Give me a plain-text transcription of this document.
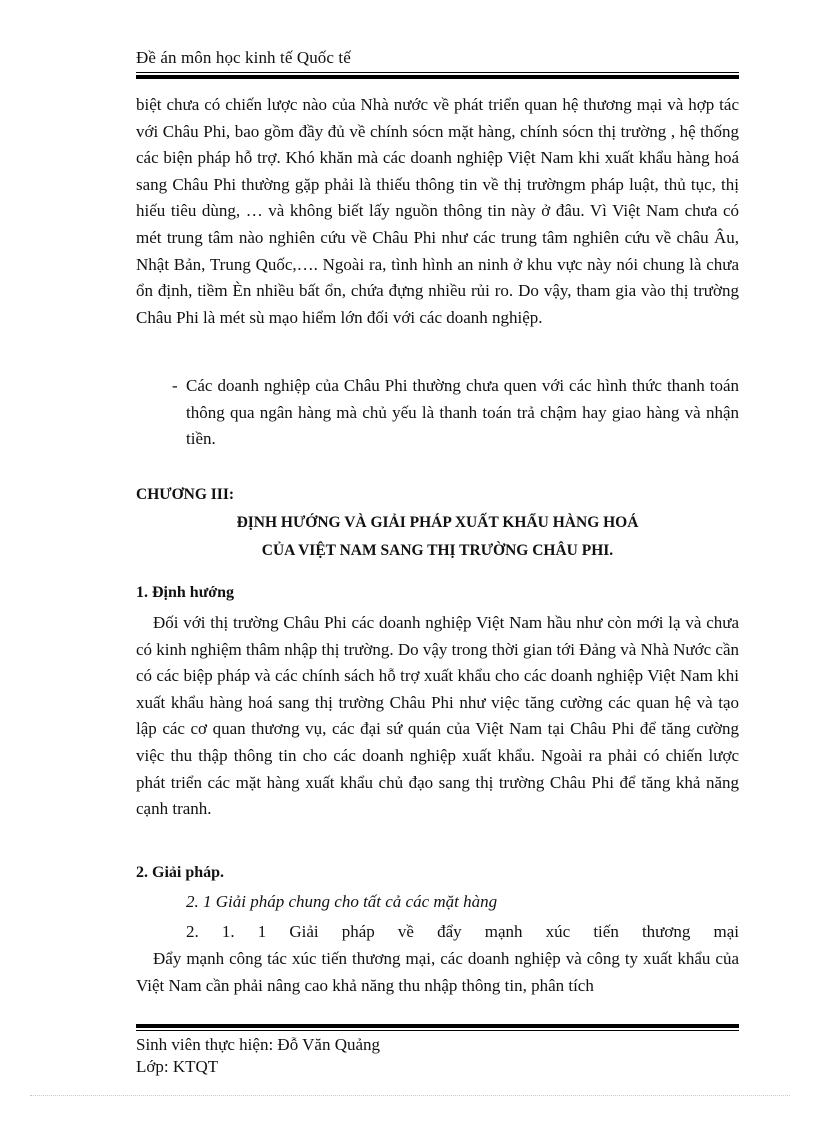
Đề án môn học kinh tế Quốc tế

biệt chưa có chiến lược nào của Nhà nước về phát triển quan hệ thương mại và hợp tác với Châu Phi, bao gồm đầy đủ về chính sócn mặt hàng, chính sócn thị trường , hệ thống các biện pháp hỗ trợ. Khó khăn mà các doanh nghiệp Việt Nam khi xuất khẩu hàng hoá sang Châu Phi thường gặp phải là thiếu thông tin về thị trườngm pháp luật, thủ tục, thị hiếu tiêu dùng, … và không biết lấy nguồn thông tin này ở đâu. Vì Việt Nam chưa có mét trung tâm nào nghiên cứu về Châu Phi như các trung tâm nghiên cứu về châu Âu, Nhật Bản, Trung Quốc,…. Ngoài ra, tình hình an ninh ở khu vực này nói chung là chưa ổn định, tiềm Èn nhiều bất ổn, chứa đựng nhiều rủi ro. Do vậy, tham gia vào thị trường Châu Phi là mét sù mạo hiểm lớn đối với các doanh nghiệp.

- Các doanh nghiệp của Châu Phi thường chưa quen với các hình thức thanh toán thông qua ngân hàng mà chủ yếu là thanh toán trả chậm hay giao hàng và nhận tiền.
CHƯƠNG III:
ĐỊNH HƯỚNG VÀ GIẢI PHÁP XUẤT KHẨU HÀNG HOÁ
CỦA VIỆT NAM SANG THỊ TRƯỜNG CHÂU PHI.
1. Định hướng

Đối với thị trường Châu Phi các doanh nghiệp Việt Nam hầu như còn mới lạ và chưa có kinh nghiệm thâm nhập thị trường. Do vậy trong thời gian tới Đảng và Nhà Nước cần có các biệp pháp và các chính sách hỗ trợ xuất khẩu cho các doanh nghiệp Việt Nam khi xuất khẩu hàng hoá sang thị trường Châu Phi như việc tăng cường các quan hệ và tạo lập các cơ quan thương vụ, các đại sứ quán của Việt Nam tại Châu Phi để tăng cường việc thu thập thông tin cho các doanh nghiệp xuất khẩu. Ngoài ra phải có chiến lược phát triển các mặt hàng xuất khẩu chủ đạo sang thị trường Châu Phi để tăng khả năng cạnh tranh.

2. Giải pháp.
2. 1 Giải pháp chung cho tất cả các mặt hàng
2. 1. 1 Giải pháp về đẩy mạnh xúc tiến thương mại

Đẩy mạnh công tác xúc tiến thương mại, các doanh nghiệp và công ty xuất khẩu của Việt Nam cần phải nâng cao khả năng thu nhập thông tin, phân tích

Sinh viên thực hiện: Đỗ Văn Quảng
Lớp: KTQT
